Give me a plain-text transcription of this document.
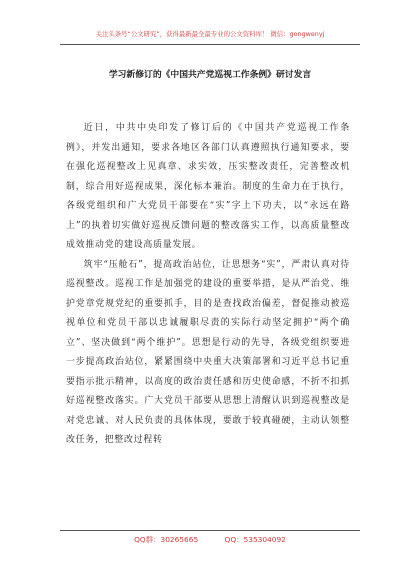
关注头条号“公文研究”，获得最新最全最专业的公文资料库！ 微信：gongwenyj
学习新修订的《中国共产党巡视工作条例》研讨发言

近日，中共中央印发了修订后的《中国共产党巡视工作条例》，并发出通知，要求各地区各部门认真遵照执行通知要求，要在强化巡视整改上见真章、求实效，压实整改责任，完善整改机制，综合用好巡视成果，深化标本兼治。制度的生命力在于执行，各级党组织和广大党员干部要在“实”字上下功夫，以“永远在路上”的执着切实做好巡视反馈问题的整改落实工作，以高质量整改成效推动党的建设高质量发展。

筑牢“压舱石”，提高政治站位，让思想务“实”，严肃认真对待巡视整改。巡视工作是加强党的建设的重要举措，是从严治党、维护党章党规党纪的重要抓手，目的是查找政治偏差，督促推动被巡视单位和党员干部以忠诚履职尽责的实际行动坚定拥护“两个确立”、坚决做到“两个维护”。思想是行动的先导，各级党组织要进一步提高政治站位，紧紧围绕中央重大决策部署和习近平总书记重要指示批示精神，以高度的政治责任感和历史使命感，不折不扣抓好巡视整改落实。广大党员干部要从思想上清醒认识到巡视整改是对党忠诚、对人民负责的具体体现，要敢于较真碰硬，主动认领整改任务，把整改过程转

QQ群：30265665	QQ：535304092
